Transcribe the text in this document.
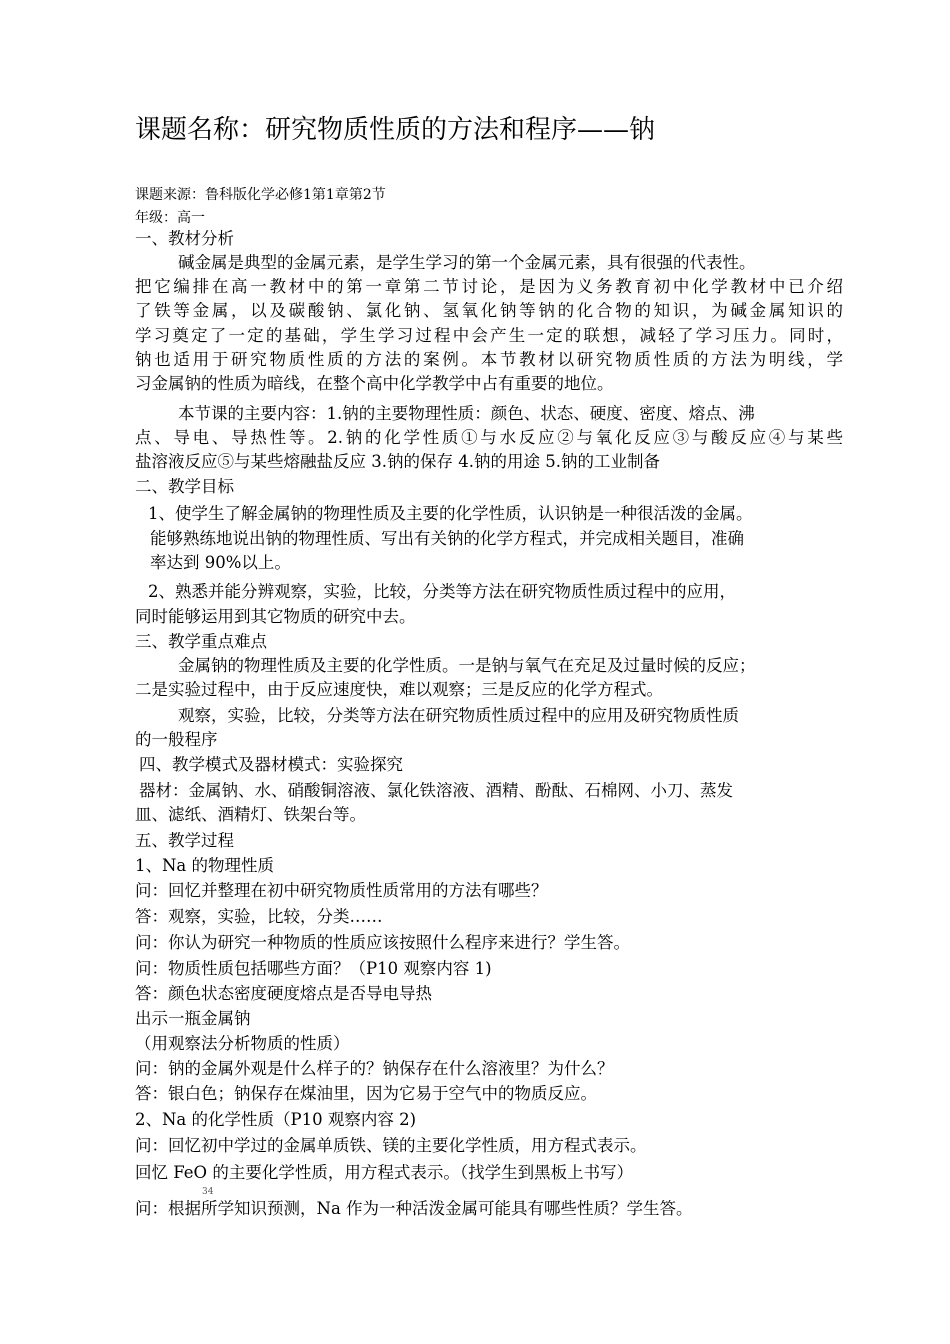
课题名称：研究物质性质的方法和程序——钠
课题来源：鲁科版化学必修1第1章第2节
年级：高一
一、教材分析
碱金属是典型的金属元素，是学生学习的第一个金属元素，具有很强的代表性。
把它编排在高一教材中的第一章第二节讨论，是因为义务教育初中化学教材中已介绍
了铁等金属，以及碳酸钠、氯化钠、氢氧化钠等钠的化合物的知识，为碱金属知识的
学习奠定了一定的基础，学生学习过程中会产生一定的联想，减轻了学习压力。同时，
钠也适用于研究物质性质的方法的案例。本节教材以研究物质性质的方法为明线，学
习金属钠的性质为暗线，在整个高中化学教学中占有重要的地位。
本节课的主要内容：1.钠的主要物理性质：颜色、状态、硬度、密度、熔点、沸
点、导电、导热性等。2.钠的化学性质①与水反应②与氧化反应③与酸反应④与某些
盐溶液反应⑤与某些熔融盐反应 3.钠的保存 4.钠的用途 5.钠的工业制备
二、教学目标
1、使学生了解金属钠的物理性质及主要的化学性质，认识钠是一种很活泼的金属。
能够熟练地说出钠的物理性质、写出有关钠的化学方程式，并完成相关题目，准确
率达到 90%以上。
2、熟悉并能分辨观察，实验，比较，分类等方法在研究物质性质过程中的应用，
同时能够运用到其它物质的研究中去。
三、教学重点难点
金属钠的物理性质及主要的化学性质。一是钠与氧气在充足及过量时候的反应；
二是实验过程中，由于反应速度快，难以观察；三是反应的化学方程式。
观察，实验，比较，分类等方法在研究物质性质过程中的应用及研究物质性质
的一般程序
四、教学模式及器材模式：实验探究
器材：金属钠、水、硝酸铜溶液、氯化铁溶液、酒精、酚酞、石棉网、小刀、蒸发
皿、滤纸、酒精灯、铁架台等。
五、教学过程
1、Na 的物理性质
问：回忆并整理在初中研究物质性质常用的方法有哪些？
答：观察，实验，比较，分类……
问：你认为研究一种物质的性质应该按照什么程序来进行？学生答。
问：物质性质包括哪些方面？（P10 观察内容 1)
答：颜色状态密度硬度熔点是否导电导热
出示一瓶金属钠
（用观察法分析物质的性质）
问：钠的金属外观是什么样子的？钠保存在什么溶液里？为什么？
答：银白色；钠保存在煤油里，因为它易于空气中的物质反应。
2、Na 的化学性质（P10 观察内容 2)
问：回忆初中学过的金属单质铁、镁的主要化学性质，用方程式表示。
回忆 FeO 的主要化学性质，用方程式表示。（找学生到黑板上书写）
34
问：根据所学知识预测，Na 作为一种活泼金属可能具有哪些性质？学生答。
